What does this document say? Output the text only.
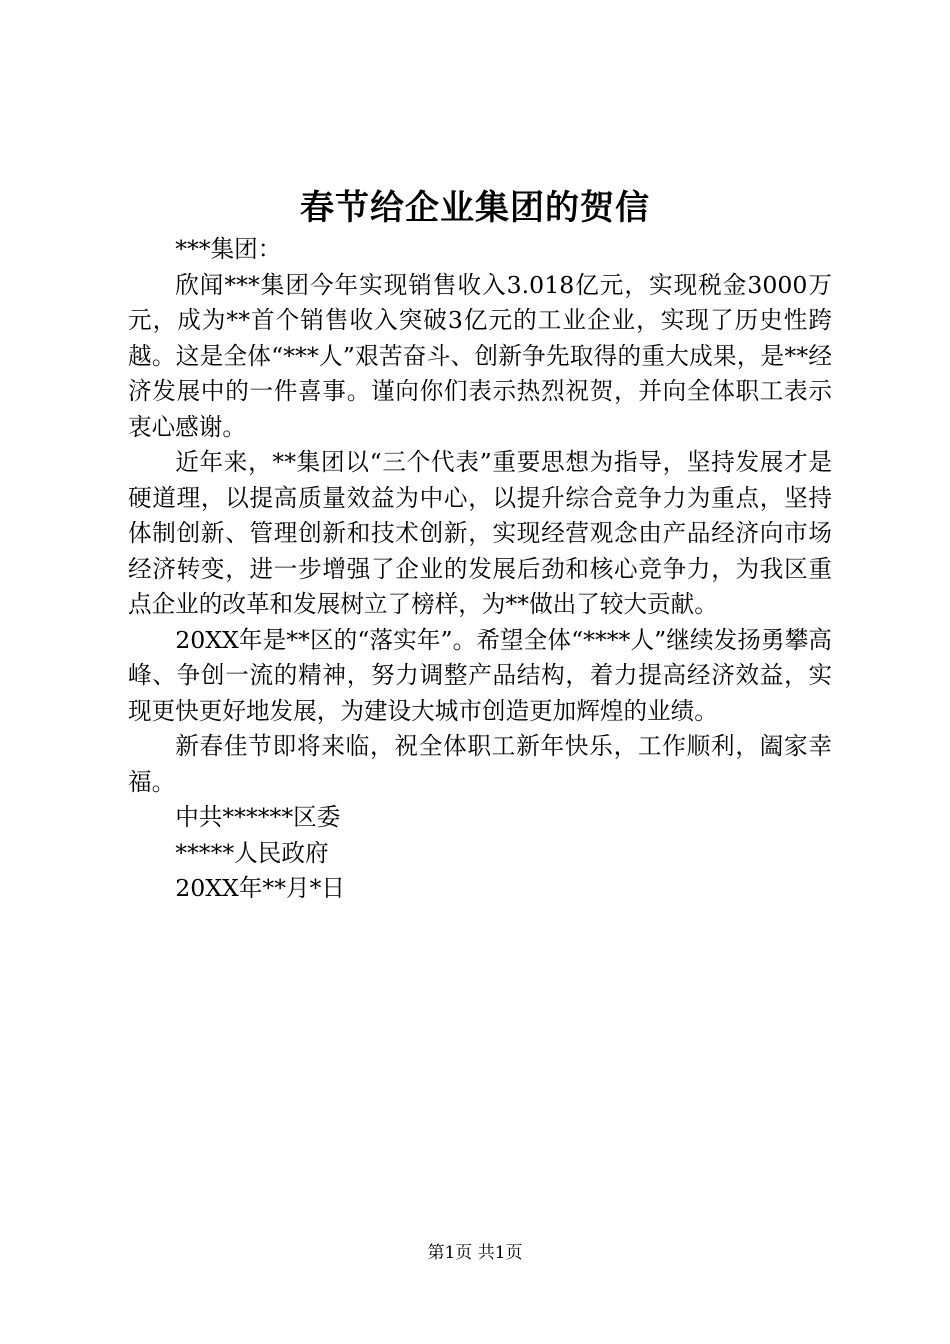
春节给企业集团的贺信

***集团：

欣闻***集团今年实现销售收入3.018亿元，实现税金3000万元，成为**首个销售收入突破3亿元的工业企业，实现了历史性跨越。这是全体“***人”艰苦奋斗、创新争先取得的重大成果，是**经济发展中的一件喜事。谨向你们表示热烈祝贺，并向全体职工表示衷心感谢。

近年来，**集团以“三个代表”重要思想为指导，坚持发展才是硬道理，以提高质量效益为中心，以提升综合竞争力为重点，坚持体制创新、管理创新和技术创新，实现经营观念由产品经济向市场经济转变，进一步增强了企业的发展后劲和核心竞争力，为我区重点企业的改革和发展树立了榜样，为**做出了较大贡献。

20XX年是**区的“落实年”。希望全体“****人”继续发扬勇攀高峰、争创一流的精神，努力调整产品结构，着力提高经济效益，实现更快更好地发展，为建设大城市创造更加辉煌的业绩。

新春佳节即将来临，祝全体职工新年快乐，工作顺利，阖家幸福。

中共******区委

*****人民政府

20XX年**月*日

第1页 共1页
